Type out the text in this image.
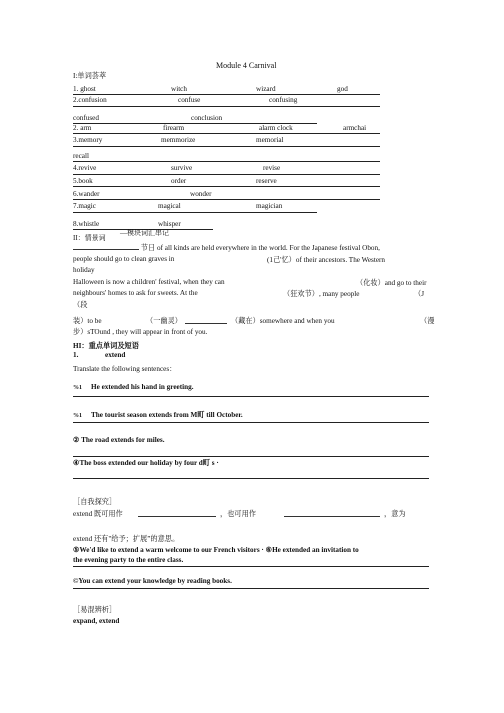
Module 4 Carnival
I:单词荟萃
1. ghost	witch	wizard	god
2.confusion	confuse	confusing
confused	conclusion
2. arm	firearm	alarm clock	armchai
3.memory	memmorize	memorial
recall
4.revive	survive	revise
5.book	order	reserve
6.wander	wonder
7.magic	magical	magician
8.whistle	whisper
II：情景词
—模块词汇串记
节日 of all kinds are held everywhere in the world. For the Japanese festival Obon,
people should go to clean graves in	(1己'忆）of their ancestors. The Western
holiday
Halloween is now a children' festival, when they can	（化妆）and go to their
neighbours' homes to ask for sweets. At the	（狂欢节）, many people	（J
（段
装）to be	（一幽灵）	（藏在）somewhere and when you	（漫
步）sTOund , they will appear in front of you.
HI：重点单词及短语
1.	extend
Translate the following sentences：
%1 He extended his hand in greeting.
%1 The tourist season extends from M町 till October.
② The road extends for miles.
④The boss extended our holiday by four d町 s ·
［自我探究］
extend 既可用作	，也可用作	，意为
extend 还有"给予；扩展”的意思。
⑤We'd like to extend a warm welcome to our French visitors · ⑥He extended an invitation to
the evening party to the entire class.
©You can extend your knowledge by reading books.
［易混辨析］
expand, extend
